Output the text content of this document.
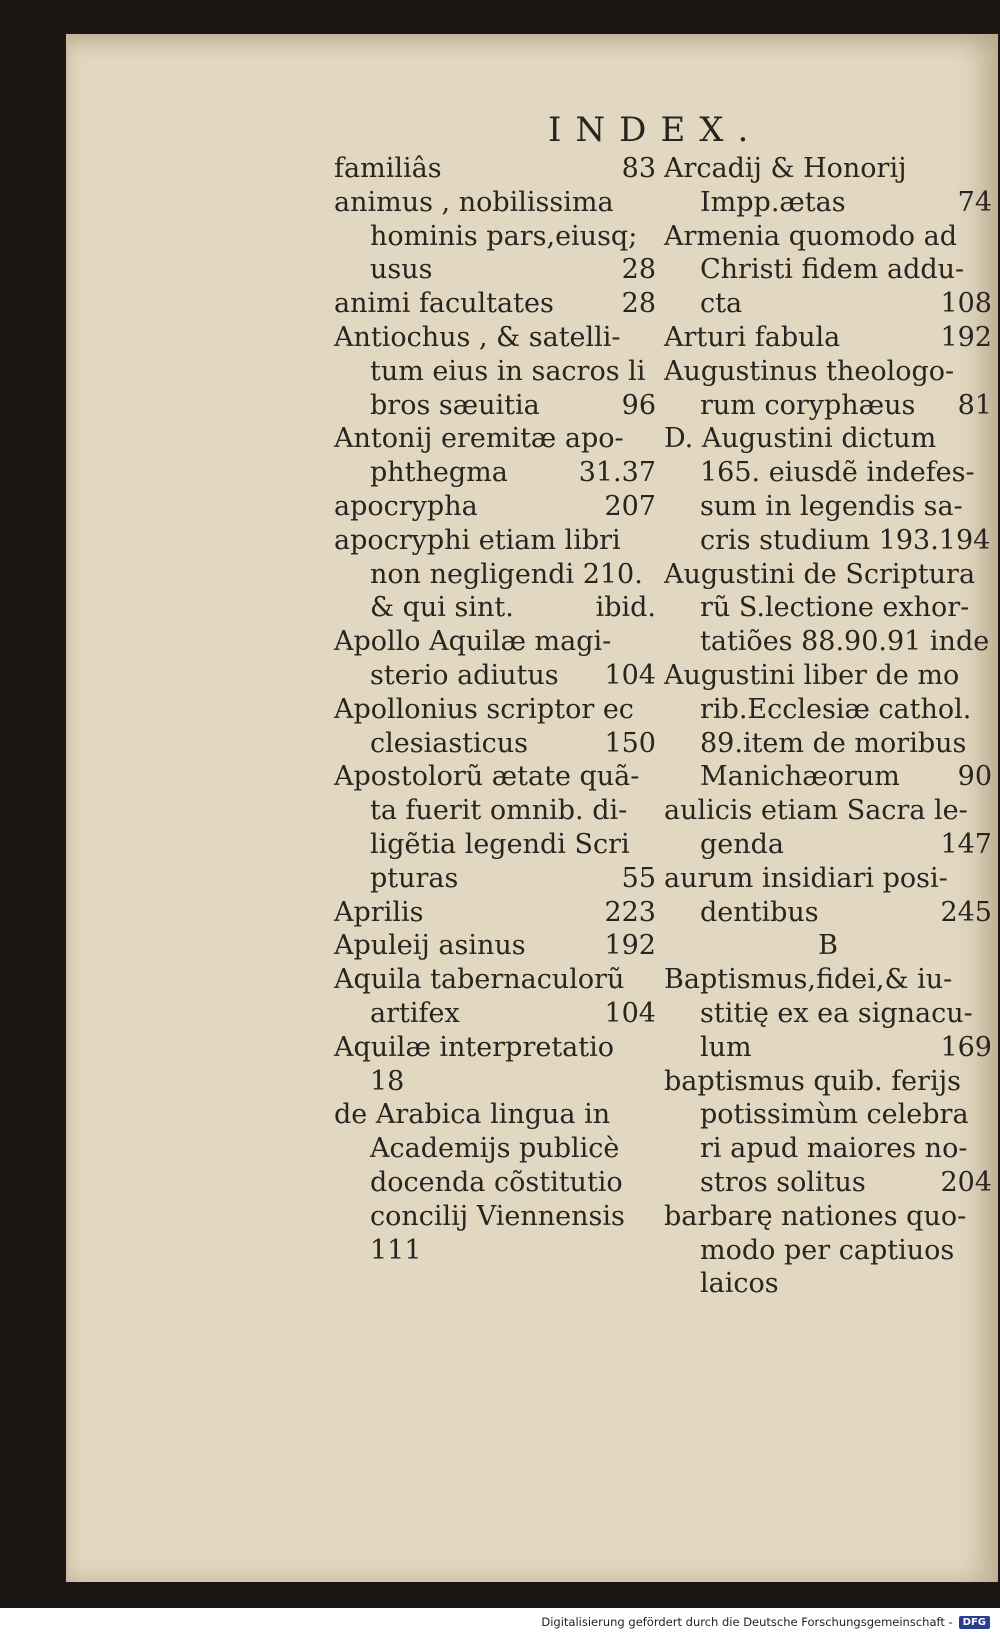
INDEX.
familiâs	83
animus , nobilissima
hominis pars,eiusq;
usus	28
animi facultates	28
Antiochus , & satelli-
tum eius in sacros li
bros sæuitia	96
Antonij eremitæ apo-
phthegma	31.37
apocrypha	207
apocryphi etiam libri
non negligendi 210.
& qui sint.	ibid.
Apollo Aquilæ magi-
sterio adiutus 104
Apollonius scriptor ec
clesiasticus	150
Apostolorũ ætate quã-
ta fuerit omnib. di-
ligẽtia legendi Scri
pturas	55
Aprilis	223
Apuleij asinus	192
Aquila tabernaculorũ
artifex	104
Aquilæ interpretatio
18
de Arabica lingua in
Academijs publicè
docenda cõstitutio
concilij Viennensis
111
Arcadij & Honorij
Impp.ætas	74
Armenia quomodo ad
Christi fidem addu-
cta	108
Arturi fabula	192
Augustinus theologo-
rum coryphæus 81
D. Augustini dictum
165. eiusdẽ indefes-
sum in legendis sa-
cris studium 193.194
Augustini de Scriptura
rũ S.lectione exhor-
tatiões 88.90.91 inde
Augustini liber de mo
rib.Ecclesiæ cathol.
89.item de moribus
Manichæorum 90
aulicis etiam Sacra le-
genda	147
aurum insidiari posi-
dentibus	245
B
Baptismus,fidei,& iu-
stitię ex ea signacu-
lum	169
baptismus quib. ferijs
potissimùm celebra
ri apud maiores no-
stros solitus	204
barbarę nationes quo-
modo per captiuos
laicos
Digitalisierung gefördert durch die Deutsche Forschungsgemeinschaft -	DFG
